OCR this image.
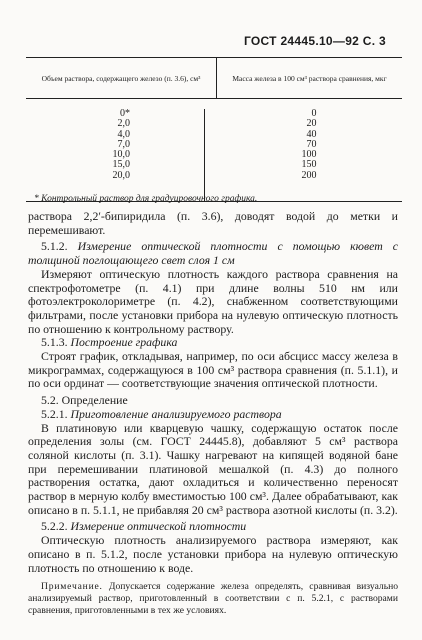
ГОСТ 24445.10—92 С. 3
Объем раствора, содержащего железо (п. 3.6), см³	Масса железа в 100 см³ раствора сравнения, мкг
0*
2,0
4,0
7,0
10,0
15,0
20,0
0
20
40
70
100
150
200
* Контрольный раствор для градуировочного графика.

раствора 2,2′-бипиридила (п. 3.6), доводят водой до метки и перемешивают.

5.1.2. Измерение оптической плотности с помощью кювет с толщиной поглощающего свет слоя 1 см

Измеряют оптическую плотность каждого раствора сравнения на спектрофотометре (п. 4.1) при длине волны 510 нм или фотоэлектроколориметре (п. 4.2), снабженном соответствующими фильтрами, после установки прибора на нулевую оптическую плотность по отношению к контрольному раствору.

5.1.3. Построение графика

Строят график, откладывая, например, по оси абсцисс массу железа в микрограммах, содержащуюся в 100 см³ раствора сравнения (п. 5.1.1), и по оси ординат — соответствующие значения оптической плотности.

5.2. Определение

5.2.1. Приготовление анализируемого раствора

В платиновую или кварцевую чашку, содержащую остаток после определения золы (см. ГОСТ 24445.8), добавляют 5 см³ раствора соляной кислоты (п. 3.1). Чашку нагревают на кипящей водяной бане при перемешивании платиновой мешалкой (п. 4.3) до полного растворения остатка, дают охладиться и количественно переносят раствор в мерную колбу вместимостью 100 см³. Далее обрабатывают, как описано в п. 5.1.1, не прибавляя 20 см³ раствора азотной кислоты (п. 3.2).

5.2.2. Измерение оптической плотности

Оптическую плотность анализируемого раствора измеряют, как описано в п. 5.1.2, после установки прибора на нулевую оптическую плотность по отношению к воде.

Примечание. Допускается содержание железа определять, сравнивая визуально анализируемый раствор, приготовленный в соответствии с п. 5.2.1, с растворами сравнения, приготовленными в тех же условиях.
